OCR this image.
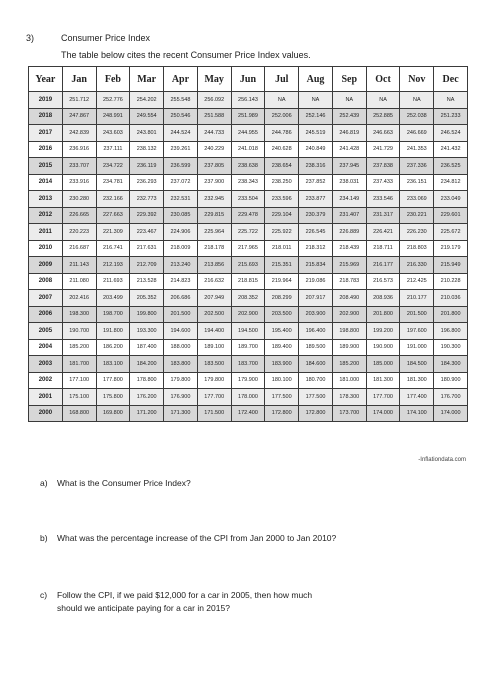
3)	Consumer Price Index
The table below cites the recent Consumer Price Index values.
Year	Jan	Feb	Mar	Apr	May	Jun	Jul	Aug	Sep	Oct	Nov	Dec
2019	251.712	252.776	254.202	255.548	256.092	256.143	NA	NA	NA	NA	NA	NA
2018	247.867	248.991	249.554	250.546	251.588	251.989	252.006	252.146	252.439	252.885	252.038	251.233
2017	242.839	243.603	243.801	244.524	244.733	244.955	244.786	245.519	246.819	246.663	246.669	246.524
2016	236.916	237.111	238.132	239.261	240.229	241.018	240.628	240.849	241.428	241.729	241.353	241.432
2015	233.707	234.722	236.119	236.599	237.805	238.638	238.654	238.316	237.945	237.838	237.336	236.525
2014	233.916	234.781	236.293	237.072	237.900	238.343	238.250	237.852	238.031	237.433	236.151	234.812
2013	230.280	232.166	232.773	232.531	232.945	233.504	233.596	233.877	234.149	233.546	233.069	233.049
2012	226.665	227.663	229.392	230.085	229.815	229.478	229.104	230.379	231.407	231.317	230.221	229.601
2011	220.223	221.309	223.467	224.906	225.964	225.722	225.922	226.545	226.889	226.421	226.230	225.672
2010	216.687	216.741	217.631	218.009	218.178	217.965	218.011	218.312	218.439	218.711	218.803	219.179
2009	211.143	212.193	212.709	213.240	213.856	215.693	215.351	215.834	215.969	216.177	216.330	215.949
2008	211.080	211.693	213.528	214.823	216.632	218.815	219.964	219.086	218.783	216.573	212.425	210.228
2007	202.416	203.499	205.352	206.686	207.949	208.352	208.299	207.917	208.490	208.936	210.177	210.036
2006	198.300	198.700	199.800	201.500	202.500	202.900	203.500	203.900	202.900	201.800	201.500	201.800
2005	190.700	191.800	193.300	194.600	194.400	194.500	195.400	196.400	198.800	199.200	197.600	196.800
2004	185.200	186.200	187.400	188.000	189.100	189.700	189.400	189.500	189.900	190.900	191.000	190.300
2003	181.700	183.100	184.200	183.800	183.500	183.700	183.900	184.600	185.200	185.000	184.500	184.300
2002	177.100	177.800	178.800	179.800	179.800	179.900	180.100	180.700	181.000	181.300	181.300	180.900
2001	175.100	175.800	176.200	176.900	177.700	178.000	177.500	177.500	178.300	177.700	177.400	176.700
2000	168.800	169.800	171.200	171.300	171.500	172.400	172.800	172.800	173.700	174.000	174.100	174.000
-Inflationdata.com
a) What is the Consumer Price Index?
b) What was the percentage increase of the CPI from Jan 2000 to Jan 2010?
c) Follow the CPI, if we paid $12,000 for a car in 2005, then how much should we anticipate paying for a car in 2015?
